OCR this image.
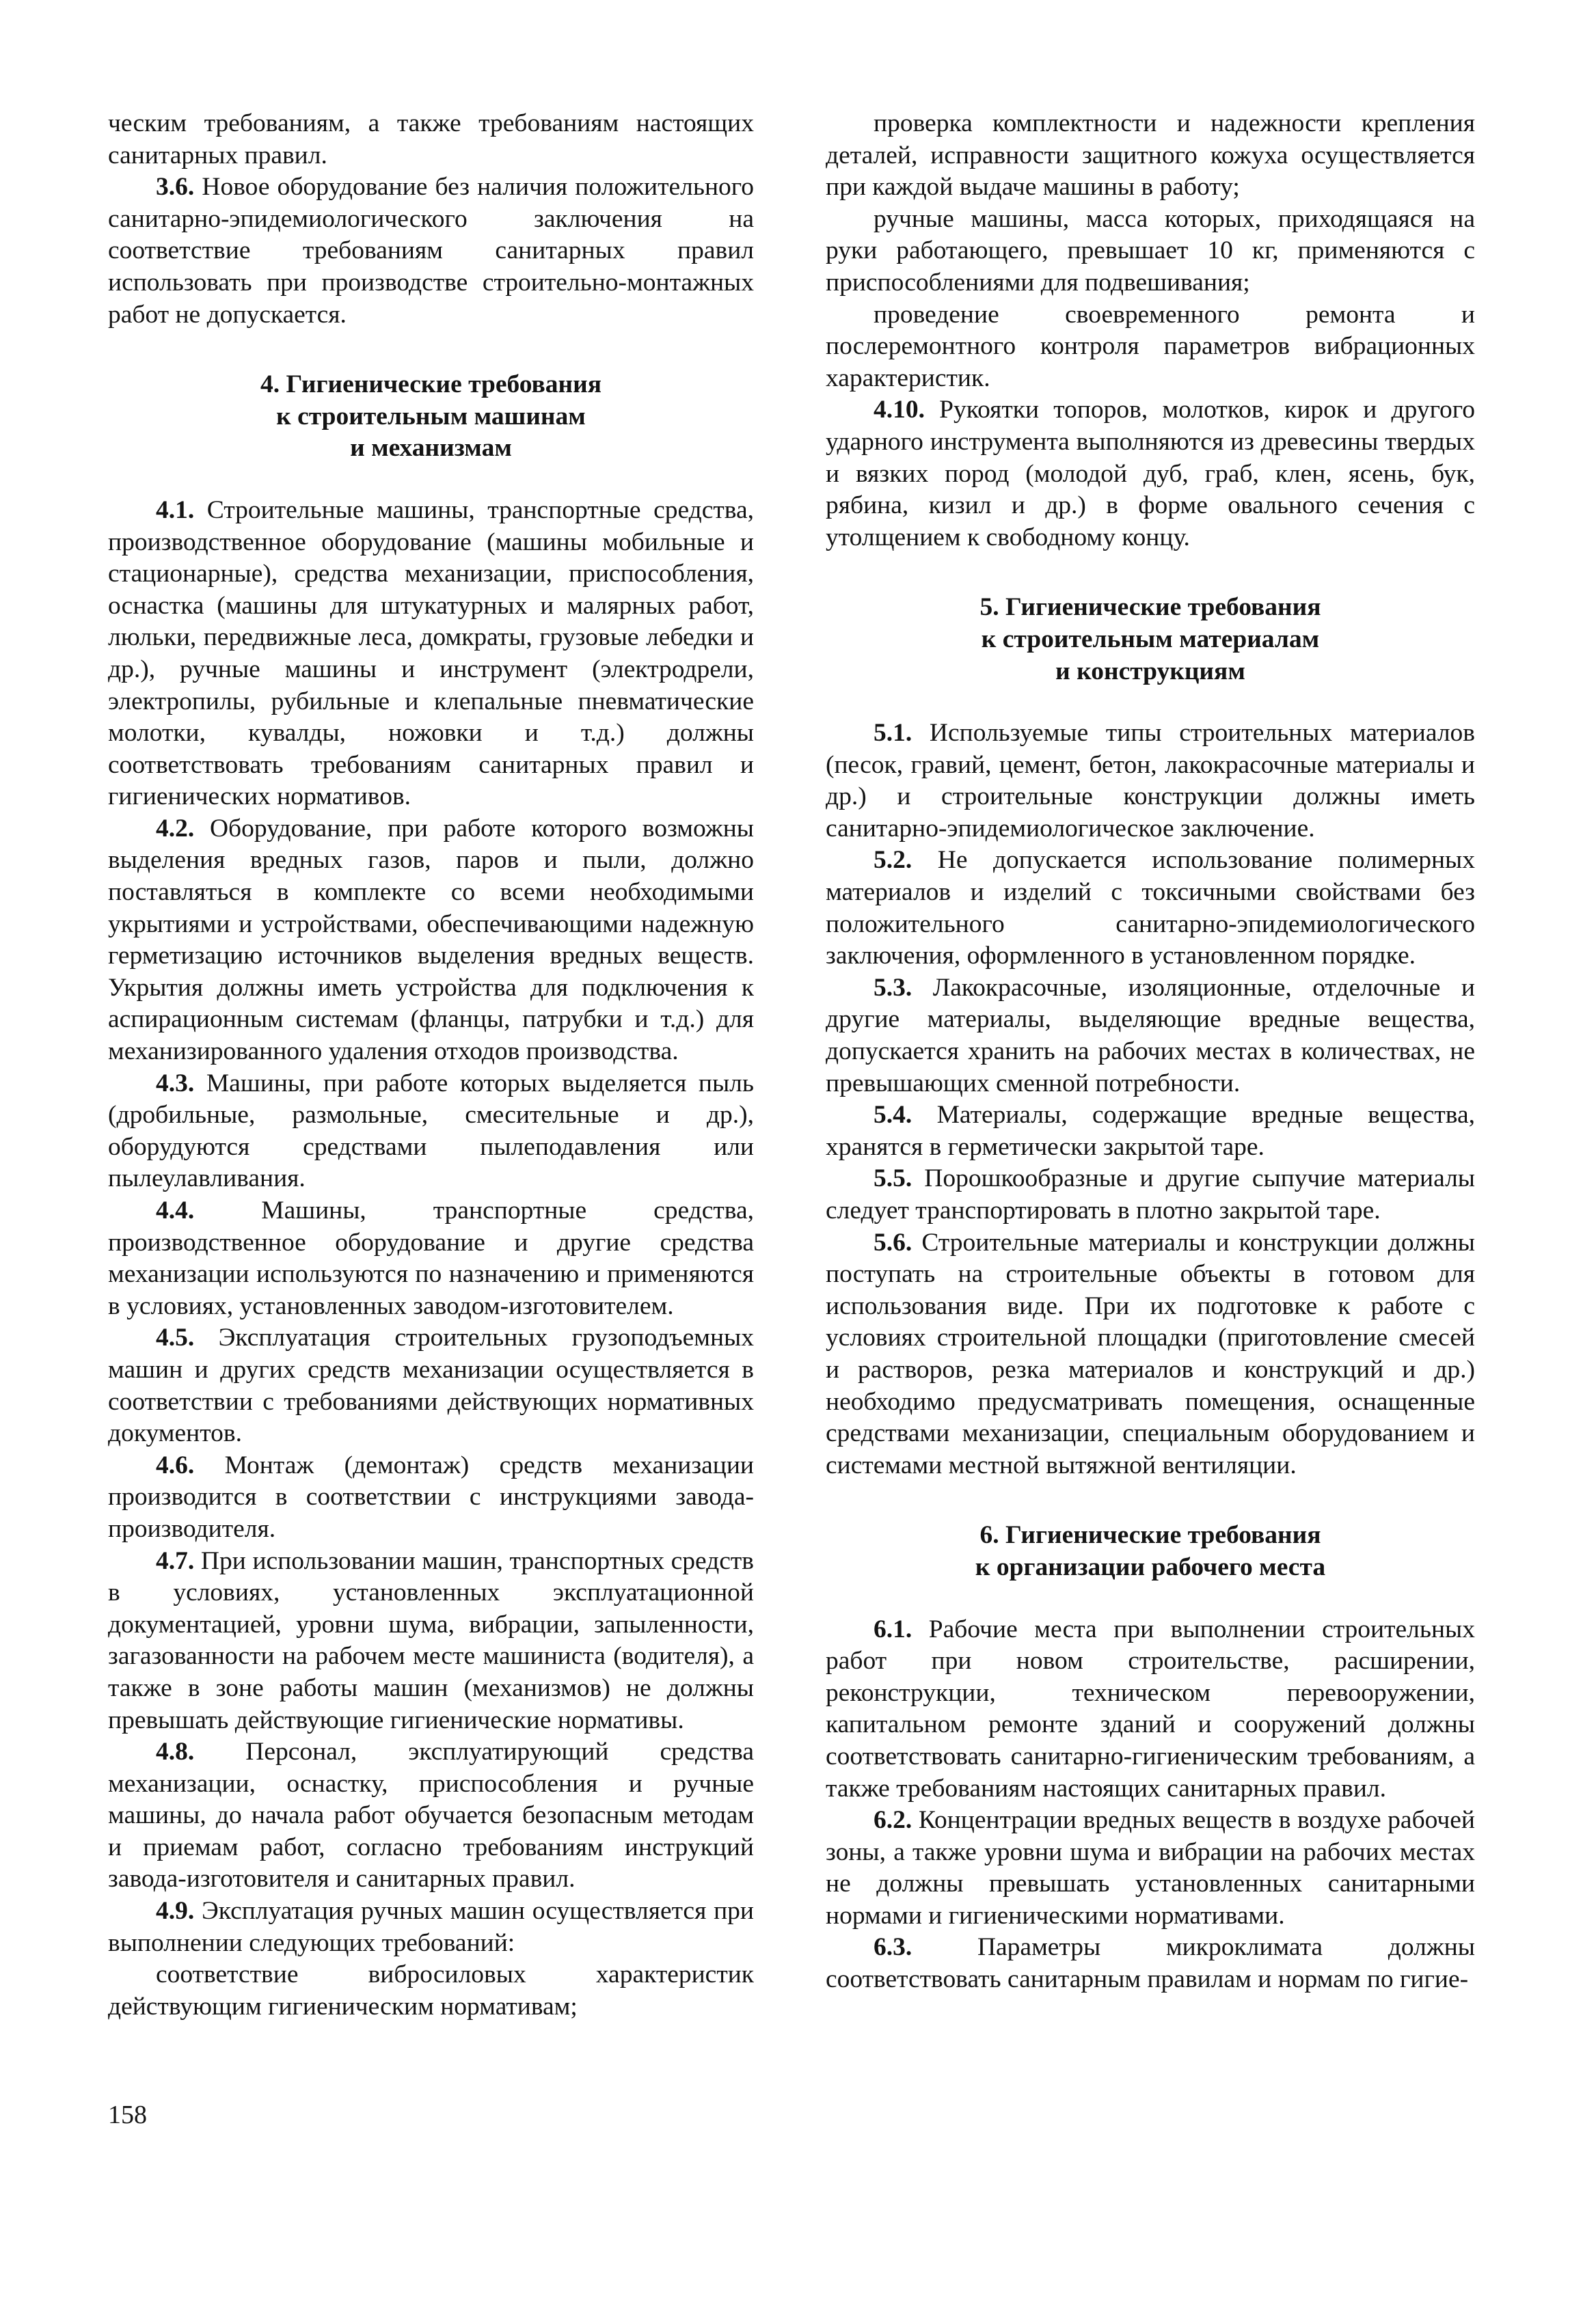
ческим требованиям, а также требованиям настоящих санитарных правил.

3.6. Новое оборудование без наличия положительного санитарно-эпидемиологического заключения на соответствие требованиям санитарных правил использовать при производстве строительно-монтажных работ не допускается.

4. Гигиенические требования
к строительным машинам
и механизмам

4.1. Строительные машины, транспортные средства, производственное оборудование (машины мобильные и стационарные), средства механизации, приспособления, оснастка (машины для штукатурных и малярных работ, люльки, передвижные леса, домкраты, грузовые лебедки и др.), ручные машины и инструмент (электродрели, электропилы, рубильные и клепальные пневматические молотки, кувалды, ножовки и т.д.) должны соответствовать требованиям санитарных правил и гигиенических нормативов.

4.2. Оборудование, при работе которого возможны выделения вредных газов, паров и пыли, должно поставляться в комплекте со всеми необходимыми укрытиями и устройствами, обеспечивающими надежную герметизацию источников выделения вредных веществ. Укрытия должны иметь устройства для подключения к аспирационным системам (фланцы, патрубки и т.д.) для механизированного удаления отходов производства.

4.3. Машины, при работе которых выделяется пыль (дробильные, размольные, смесительные и др.), оборудуются средствами пылеподавления или пылеулавливания.

4.4. Машины, транспортные средства, производственное оборудование и другие средства механизации используются по назначению и применяются в условиях, установленных заводом-изготовителем.

4.5. Эксплуатация строительных грузоподъемных машин и других средств механизации осуществляется в соответствии с требованиями действующих нормативных документов.

4.6. Монтаж (демонтаж) средств механизации производится в соответствии с инструкциями завода-производителя.

4.7. При использовании машин, транспортных средств в условиях, установленных эксплуатационной документацией, уровни шума, вибрации, запыленности, загазованности на рабочем месте машиниста (водителя), а также в зоне работы машин (механизмов) не должны превышать действующие гигиенические нормативы.

4.8. Персонал, эксплуатирующий средства механизации, оснастку, приспособления и ручные машины, до начала работ обучается безопасным методам и приемам работ, согласно требованиям инструкций завода-изготовителя и санитарных правил.

4.9. Эксплуатация ручных машин осуществляется при выполнении следующих требований:

соответствие вибросиловых характеристик действующим гигиеническим нормативам;

проверка комплектности и надежности крепления деталей, исправности защитного кожуха осуществляется при каждой выдаче машины в работу;

ручные машины, масса которых, приходящаяся на руки работающего, превышает 10 кг, применяются с приспособлениями для подвешивания;

проведение своевременного ремонта и послеремонтного контроля параметров вибрационных характеристик.

4.10. Рукоятки топоров, молотков, кирок и другого ударного инструмента выполняются из древесины твердых и вязких пород (молодой дуб, граб, клен, ясень, бук, рябина, кизил и др.) в форме овального сечения с утолщением к свободному концу.

5. Гигиенические требования
к строительным материалам
и конструкциям

5.1. Используемые типы строительных материалов (песок, гравий, цемент, бетон, лакокрасочные материалы и др.) и строительные конструкции должны иметь санитарно-эпидемиологическое заключение.

5.2. Не допускается использование полимерных материалов и изделий с токсичными свойствами без положительного санитарно-эпидемиологического заключения, оформленного в установленном порядке.

5.3. Лакокрасочные, изоляционные, отделочные и другие материалы, выделяющие вредные вещества, допускается хранить на рабочих местах в количествах, не превышающих сменной потребности.

5.4. Материалы, содержащие вредные вещества, хранятся в герметически закрытой таре.

5.5. Порошкообразные и другие сыпучие материалы следует транспортировать в плотно закрытой таре.

5.6. Строительные материалы и конструкции должны поступать на строительные объекты в готовом для использования виде. При их подготовке к работе с условиях строительной площадки (приготовление смесей и растворов, резка материалов и конструкций и др.) необходимо предусматривать помещения, оснащенные средствами механизации, специальным оборудованием и системами местной вытяжной вентиляции.

6. Гигиенические требования
к организации рабочего места

6.1. Рабочие места при выполнении строительных работ при новом строительстве, расширении, реконструкции, техническом перевооружении, капитальном ремонте зданий и сооружений должны соответствовать санитарно-гигиеническим требованиям, а также требованиям настоящих санитарных правил.

6.2. Концентрации вредных веществ в воздухе рабочей зоны, а также уровни шума и вибрации на рабочих местах не должны превышать установленных санитарными нормами и гигиеническими нормативами.

6.3. Параметры микроклимата должны соответствовать санитарным правилам и нормам по гигие-

158
